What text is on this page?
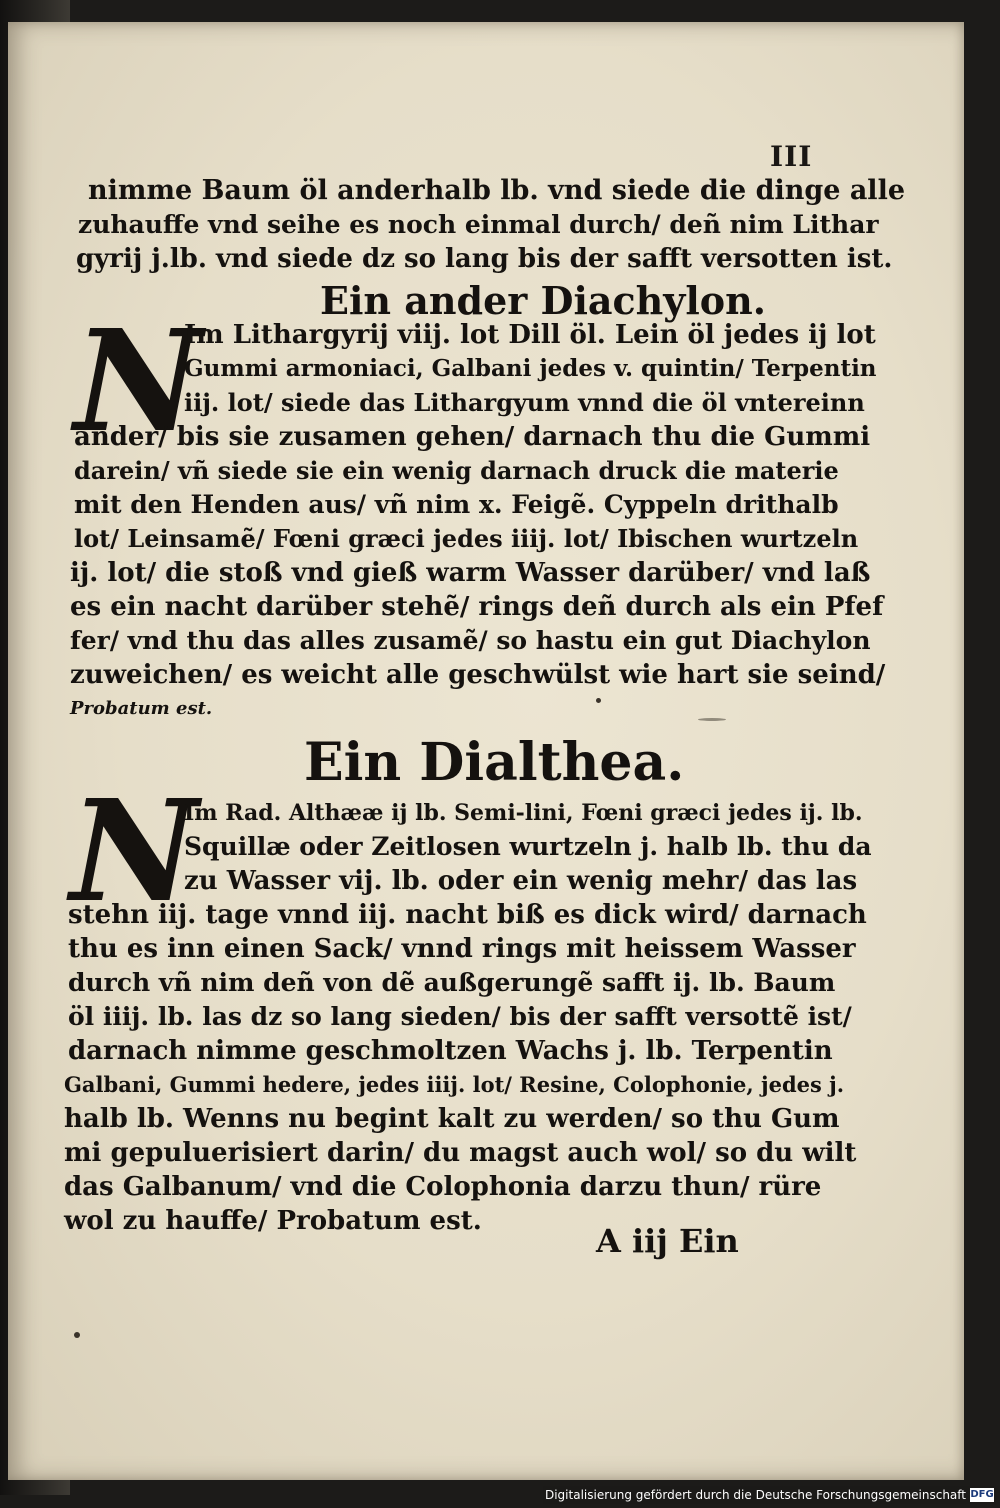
III
nimme Baum öl anderhalb lb. vnd siede die dinge alle
zuhauffe vnd seihe es noch einmal durch/ deñ nim Lithar
gyrij j.lb. vnd siede dz so lang bis der safft versotten ist.
Ein ander Diachylon.
N
Im Lithargyrij viij. lot Dill öl. Lein öl jedes ij lot
Gummi armoniaci, Galbani jedes v. quintin/ Terpentin
iij. lot/ siede das Lithargyum vnnd die öl vntereinn
ander/ bis sie zusamen gehen/ darnach thu die Gummi
darein/ vñ siede sie ein wenig darnach druck die materie
mit den Henden aus/ vñ nim x. Feigẽ. Cyppeln drithalb
lot/ Leinsamẽ/ Fœni græci jedes iiij. lot/ Ibischen wurtzeln
ij. lot/ die stoß vnd gieß warm Wasser darüber/ vnd laß
es ein nacht darüber stehẽ/ rings deñ durch als ein Pfef
fer/ vnd thu das alles zusamẽ/ so hastu ein gut Diachylon
zuweichen/ es weicht alle geschwülst wie hart sie seind/
Probatum est.
Ein Dialthea.
N
Im Rad. Althææ ij lb. Semi-lini, Fœni græci jedes ij. lb.
Squillæ oder Zeitlosen wurtzeln j. halb lb. thu da
zu Wasser vij. lb. oder ein wenig mehr/ das las
stehn iij. tage vnnd iij. nacht biß es dick wird/ darnach
thu es inn einen Sack/ vnnd rings mit heissem Wasser
durch vñ nim deñ von dẽ außgerungẽ safft ij. lb. Baum
öl iiij. lb. las dz so lang sieden/ bis der safft versottẽ ist/
darnach nimme geschmoltzen Wachs j. lb. Terpentin
Galbani, Gummi hedere, jedes iiij. lot/ Resine, Colophonie, jedes j.
halb lb. Wenns nu begint kalt zu werden/ so thu Gum
mi gepuluerisiert darin/ du magst auch wol/ so du wilt
das Galbanum/ vnd die Colophonia darzu thun/ rüre
wol zu hauffe/ Probatum est.
A iij Ein
Digitalisierung gefördert durch die Deutsche Forschungsgemeinschaft DFG
